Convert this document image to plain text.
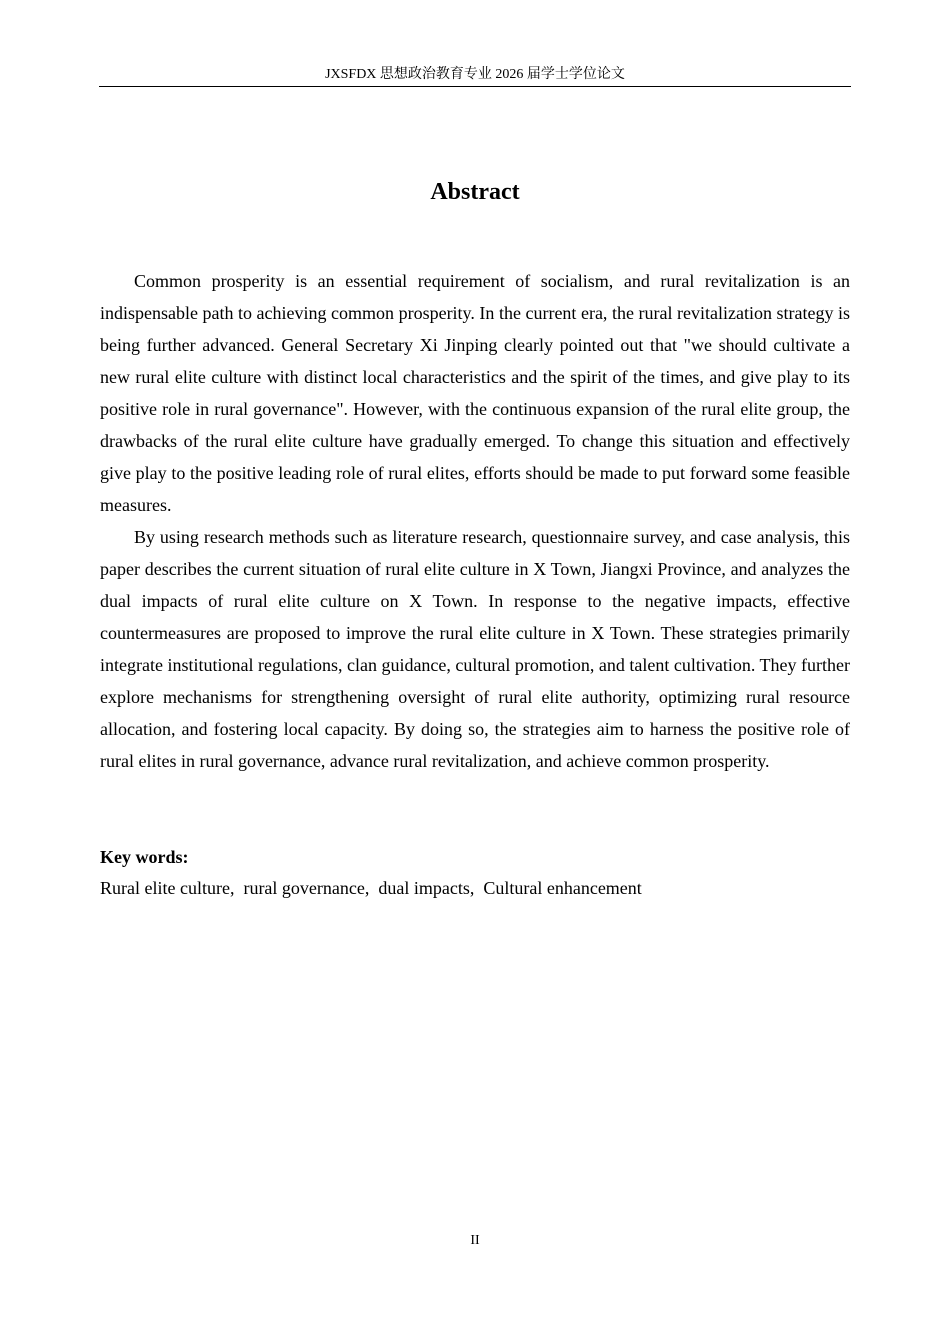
JXSFDX 思想政治教育专业 2026 届学士学位论文
Abstract

Common prosperity is an essential requirement of socialism, and rural revitalization is an indispensable path to achieving common prosperity. In the current era, the rural revitalization strategy is being further advanced. General Secretary Xi Jinping clearly pointed out that "we should cultivate a new rural elite culture with distinct local characteristics and the spirit of the times, and give play to its positive role in rural governance". However, with the continuous expansion of the rural elite group, the drawbacks of the rural elite culture have gradually emerged. To change this situation and effectively give play to the positive leading role of rural elites, efforts should be made to put forward some feasible measures.

By using research methods such as literature research, questionnaire survey, and case analysis, this paper describes the current situation of rural elite culture in X Town, Jiangxi Province, and analyzes the dual impacts of rural elite culture on X Town. In response to the negative impacts, effective countermeasures are proposed to improve the rural elite culture in X Town. These strategies primarily integrate institutional regulations, clan guidance, cultural promotion, and talent cultivation. They further explore mechanisms for strengthening oversight of rural elite authority, optimizing rural resource allocation, and fostering local capacity. By doing so, the strategies aim to harness the positive role of rural elites in rural governance, advance rural revitalization, and achieve common prosperity.

Key words:
Rural elite culture,  rural governance,  dual impacts,  Cultural enhancement
II
